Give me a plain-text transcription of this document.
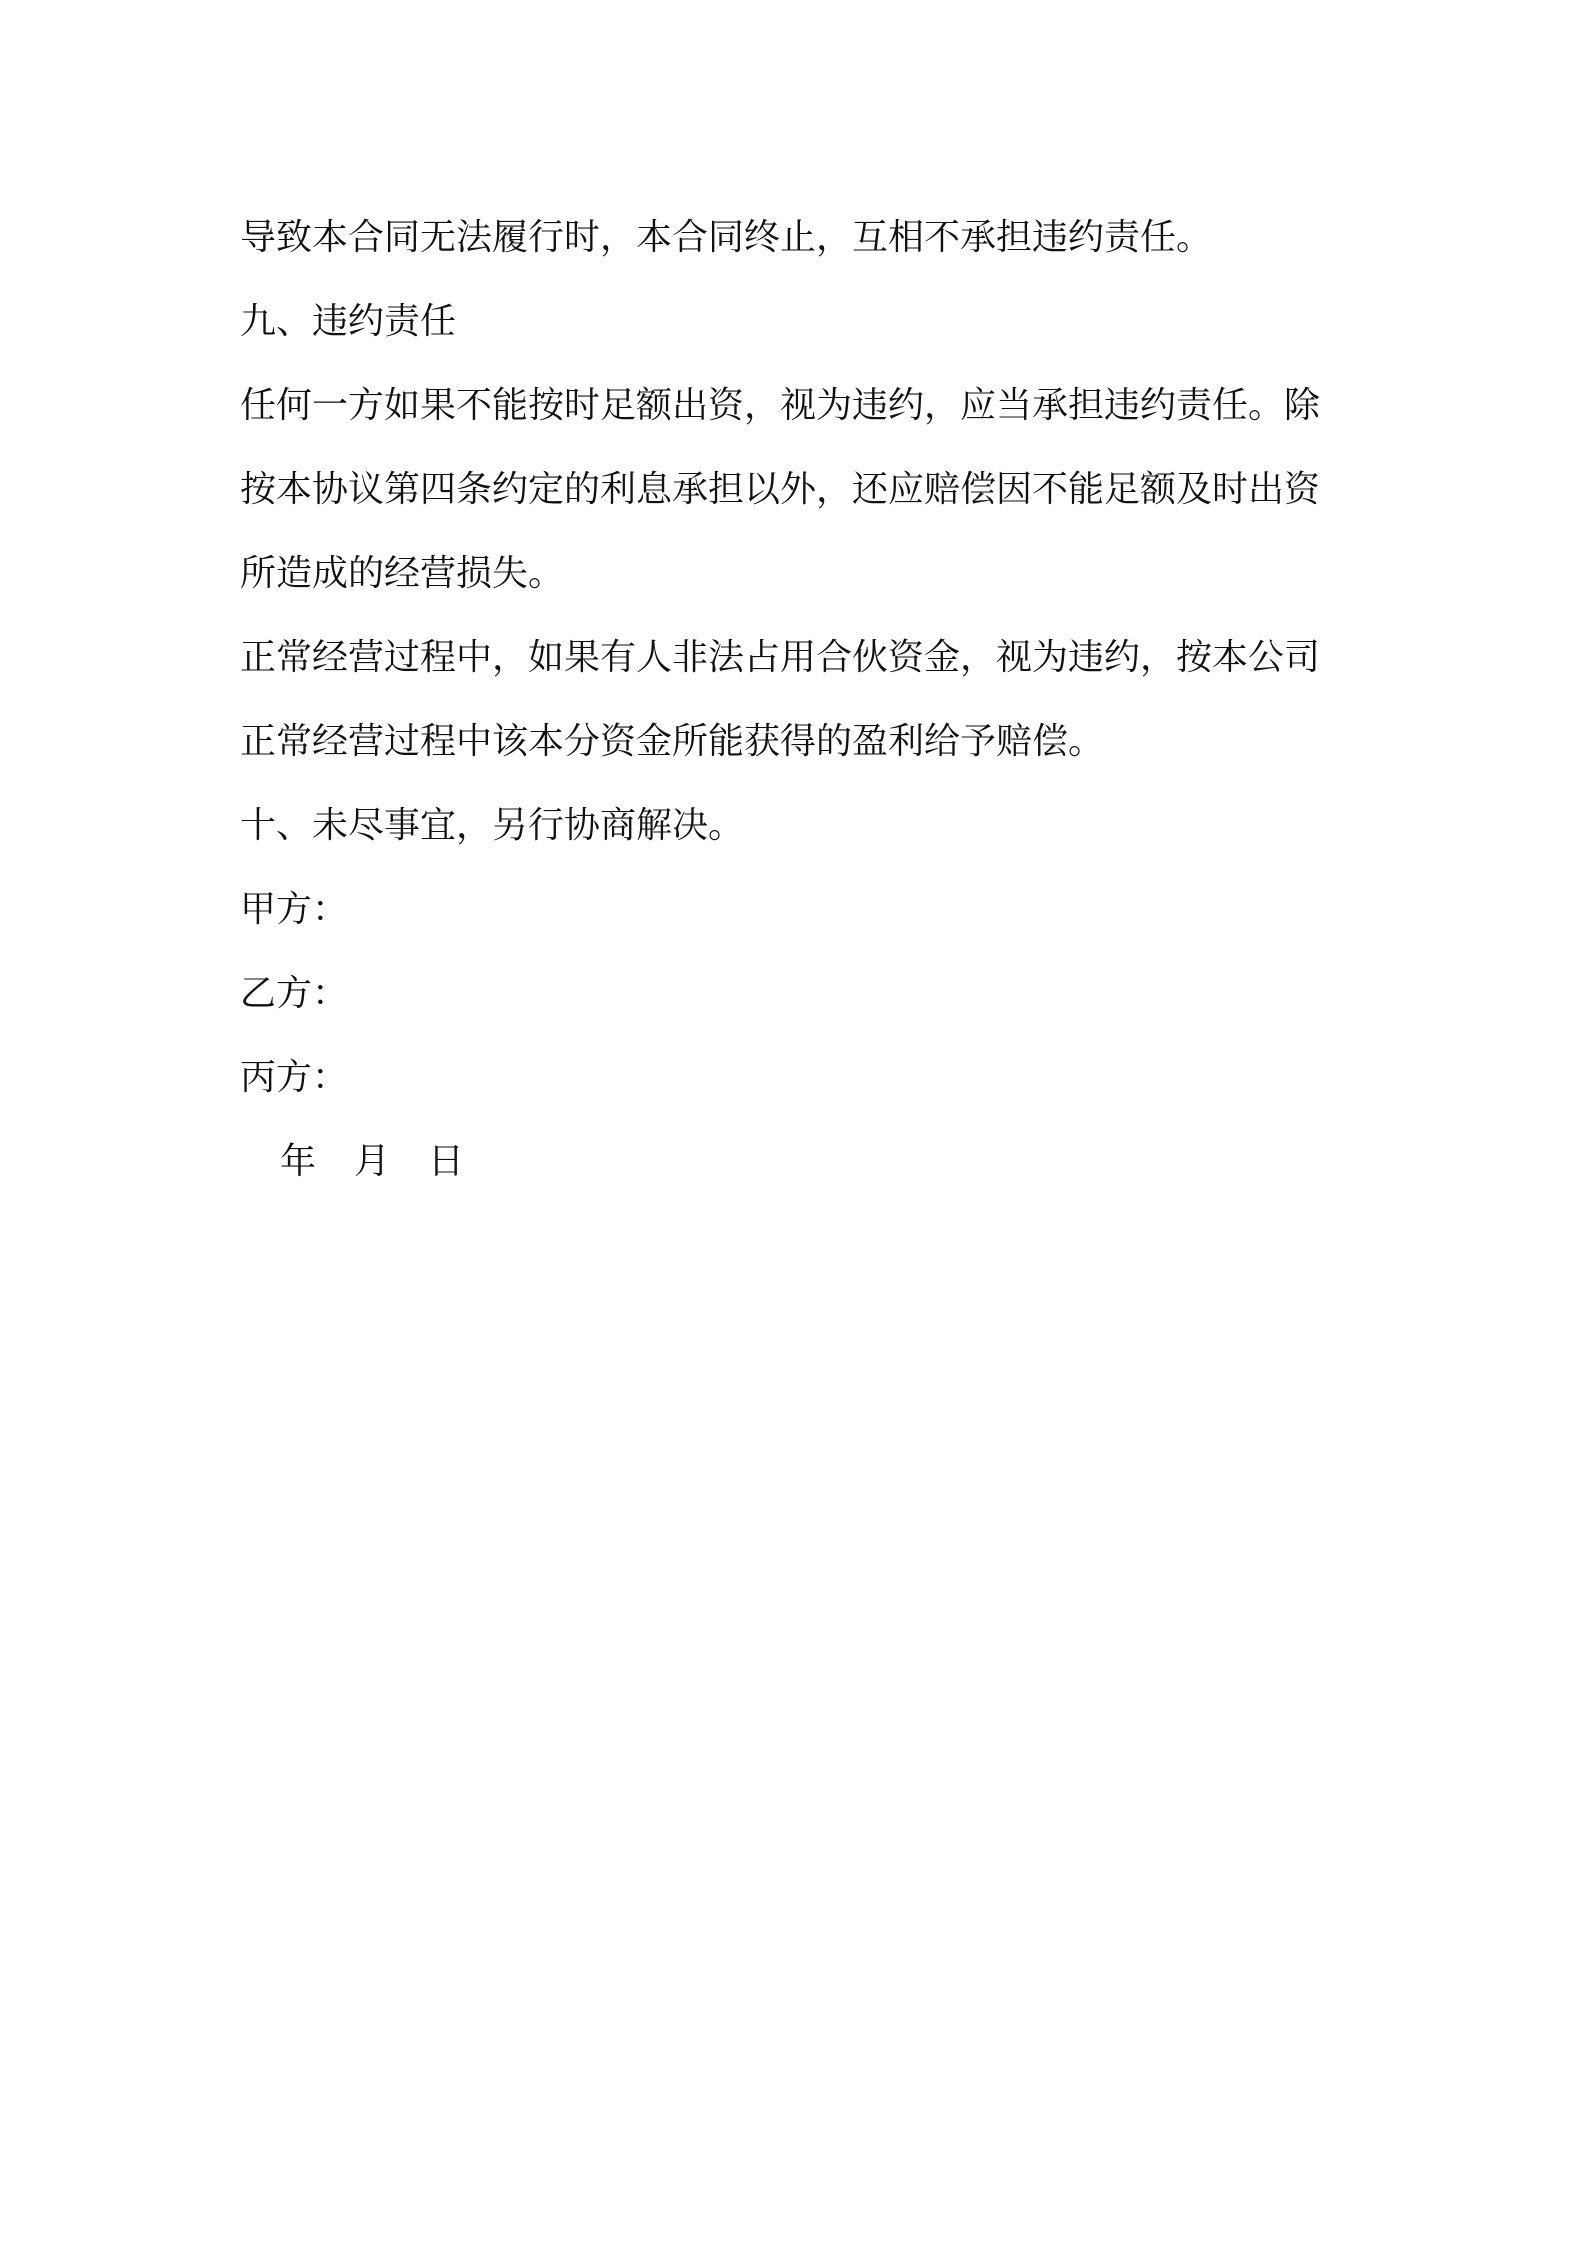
导致本合同无法履行时，本合同终止，互相不承担违约责任。
九、违约责任
任何一方如果不能按时足额出资，视为违约，应当承担违约责任。除
按本协议第四条约定的利息承担以外，还应赔偿因不能足额及时出资
所造成的经营损失。
正常经营过程中，如果有人非法占用合伙资金，视为违约，按本公司
正常经营过程中该本分资金所能获得的盈利给予赔偿。
十、未尽事宜，另行协商解决。
甲方：
乙方：
丙方：
年 月 日
